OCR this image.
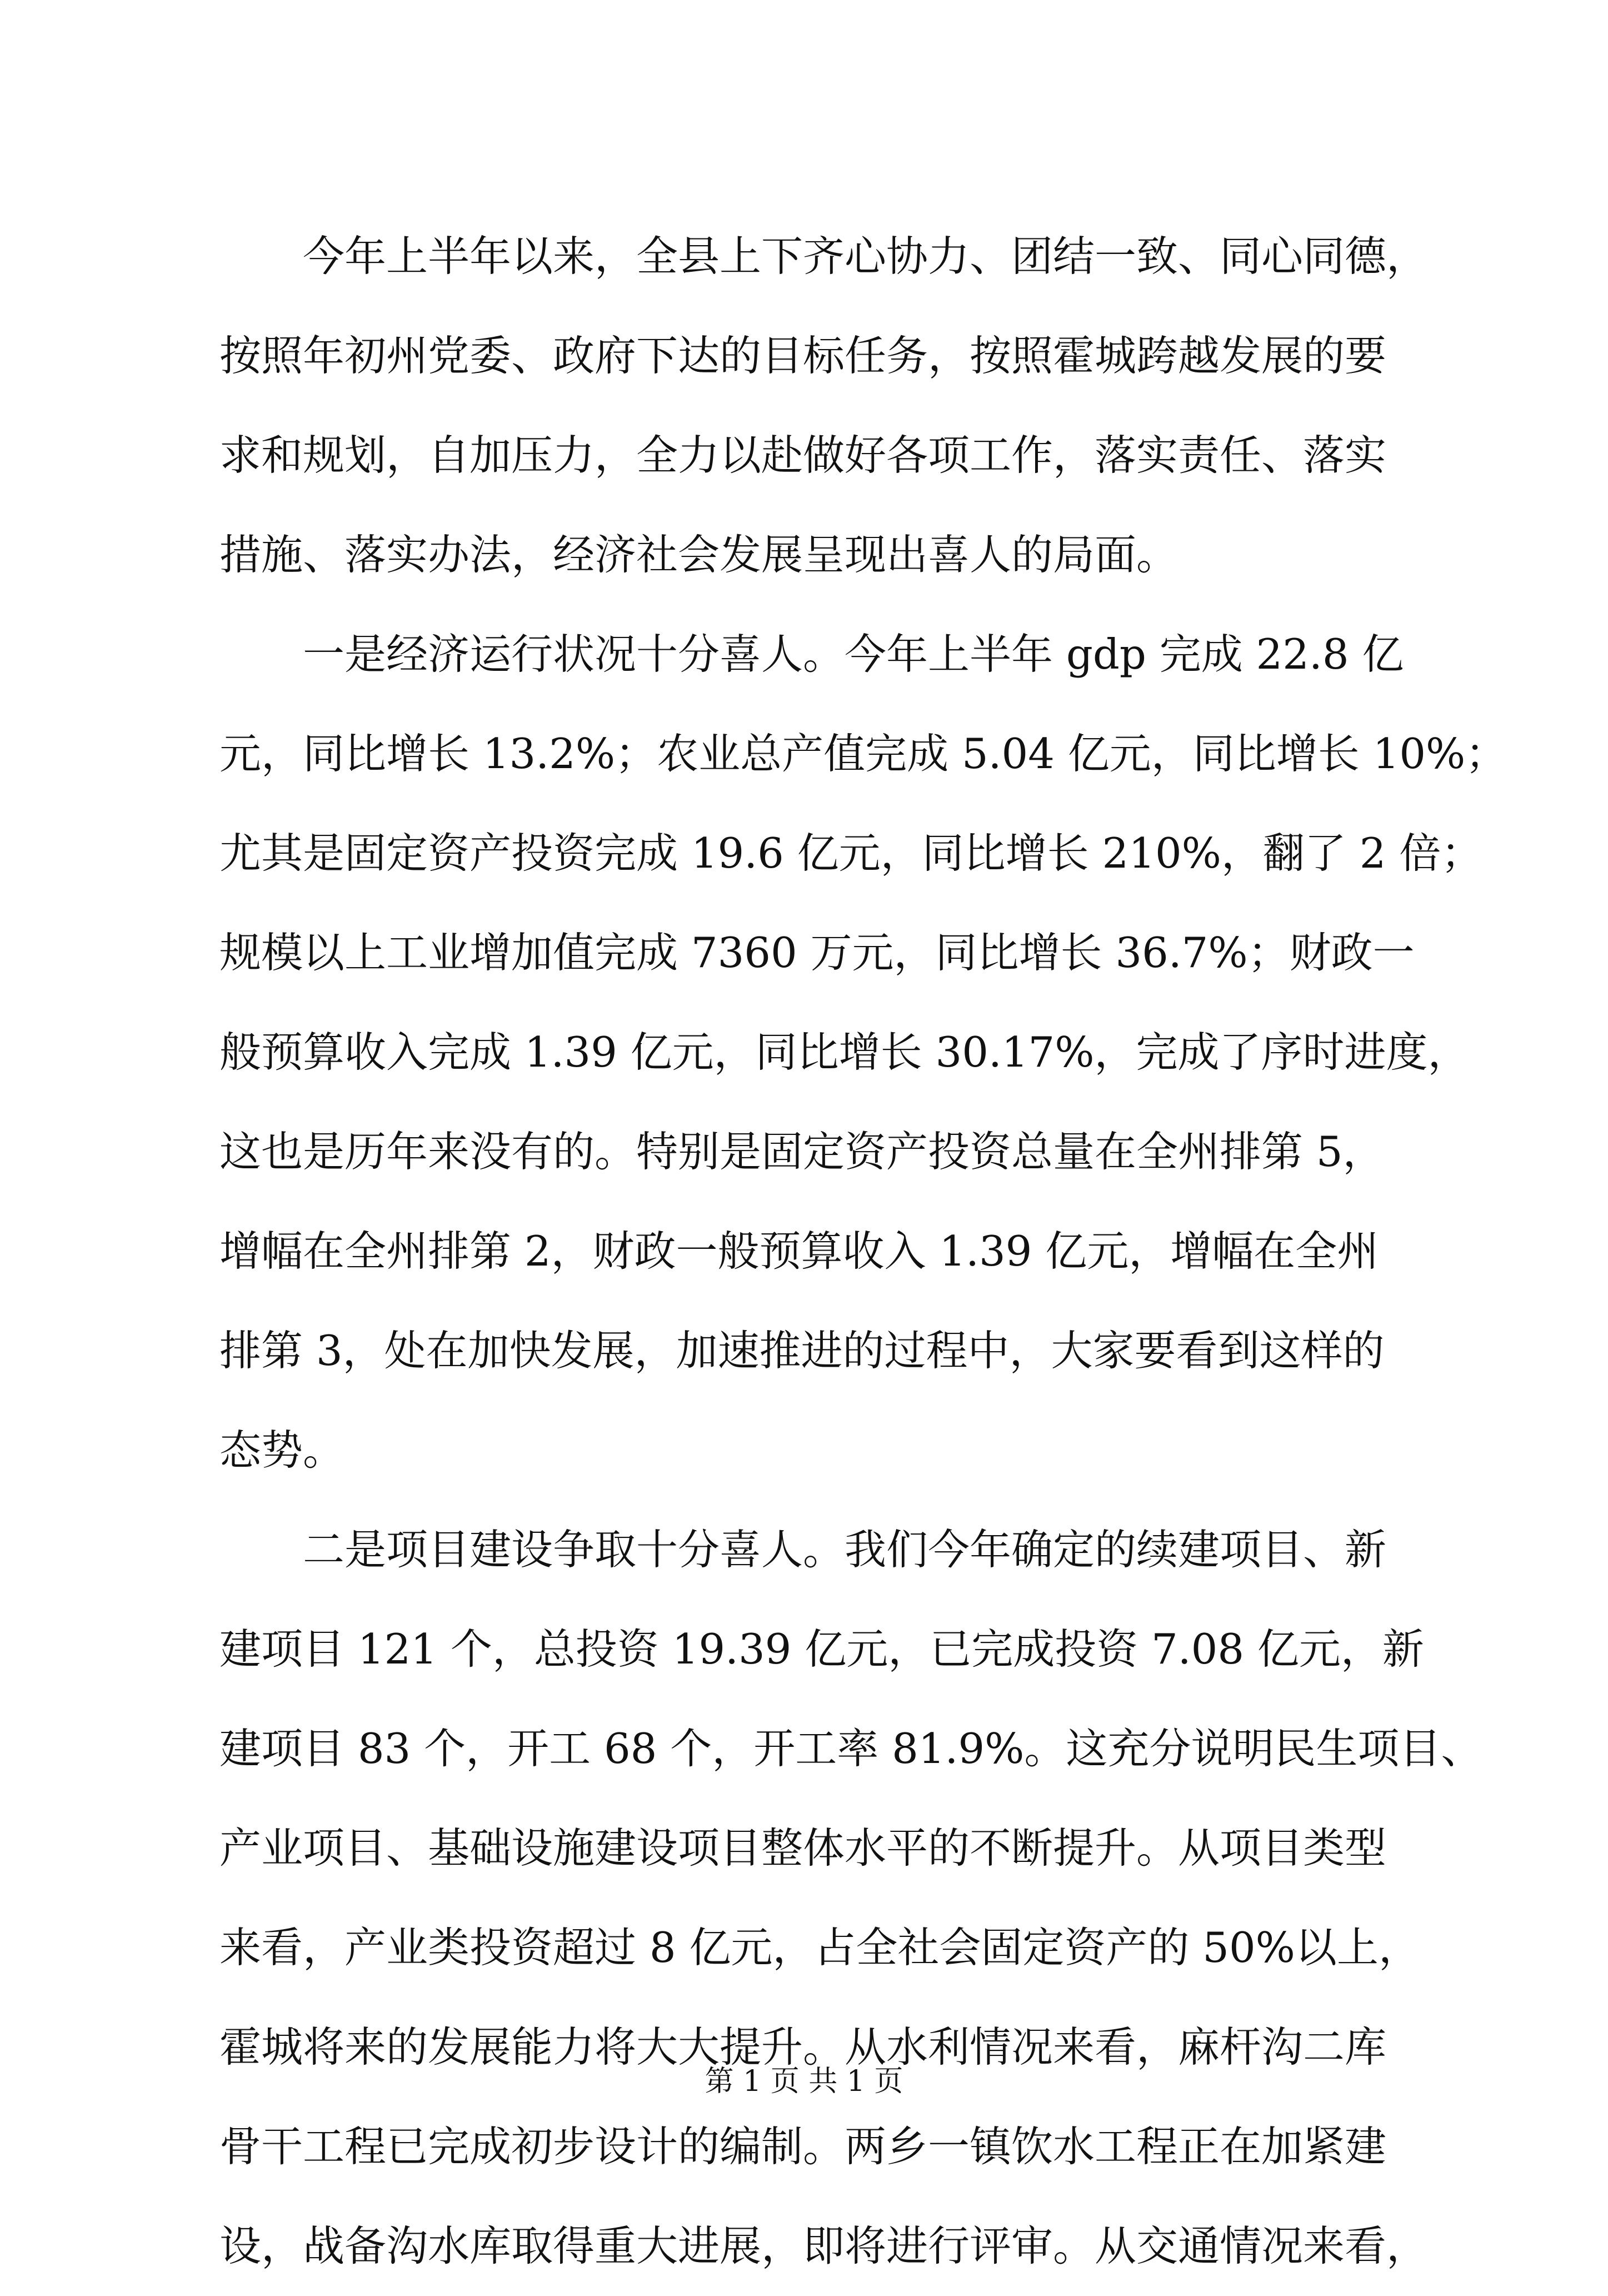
今年上半年以来，全县上下齐心协力、团结一致、同心同德，
按照年初州党委、政府下达的目标任务，按照霍城跨越发展的要
求和规划，自加压力，全力以赴做好各项工作，落实责任、落实
措施、落实办法，经济社会发展呈现出喜人的局面。
一是经济运行状况十分喜人。今年上半年 gdp 完成 22.8 亿
元，同比增长 13.2%；农业总产值完成 5.04 亿元，同比增长 10%；
尤其是固定资产投资完成 19.6 亿元，同比增长 210%，翻了 2 倍；
规模以上工业增加值完成 7360 万元，同比增长 36.7%；财政一
般预算收入完成 1.39 亿元，同比增长 30.17%，完成了序时进度，
这也是历年来没有的。特别是固定资产投资总量在全州排第 5，
增幅在全州排第 2，财政一般预算收入 1.39 亿元，增幅在全州
排第 3，处在加快发展，加速推进的过程中，大家要看到这样的
态势。
二是项目建设争取十分喜人。我们今年确定的续建项目、新
建项目 121 个，总投资 19.39 亿元，已完成投资 7.08 亿元，新
建项目 83 个，开工 68 个，开工率 81.9%。这充分说明民生项目、
产业项目、基础设施建设项目整体水平的不断提升。从项目类型
来看，产业类投资超过 8 亿元，占全社会固定资产的 50%以上，
霍城将来的发展能力将大大提升。从水利情况来看，麻杆沟二库
骨干工程已完成初步设计的编制。两乡一镇饮水工程正在加紧建
设，战备沟水库取得重大进展，即将进行评审。从交通情况来看，
第 1 页 共 1 页
